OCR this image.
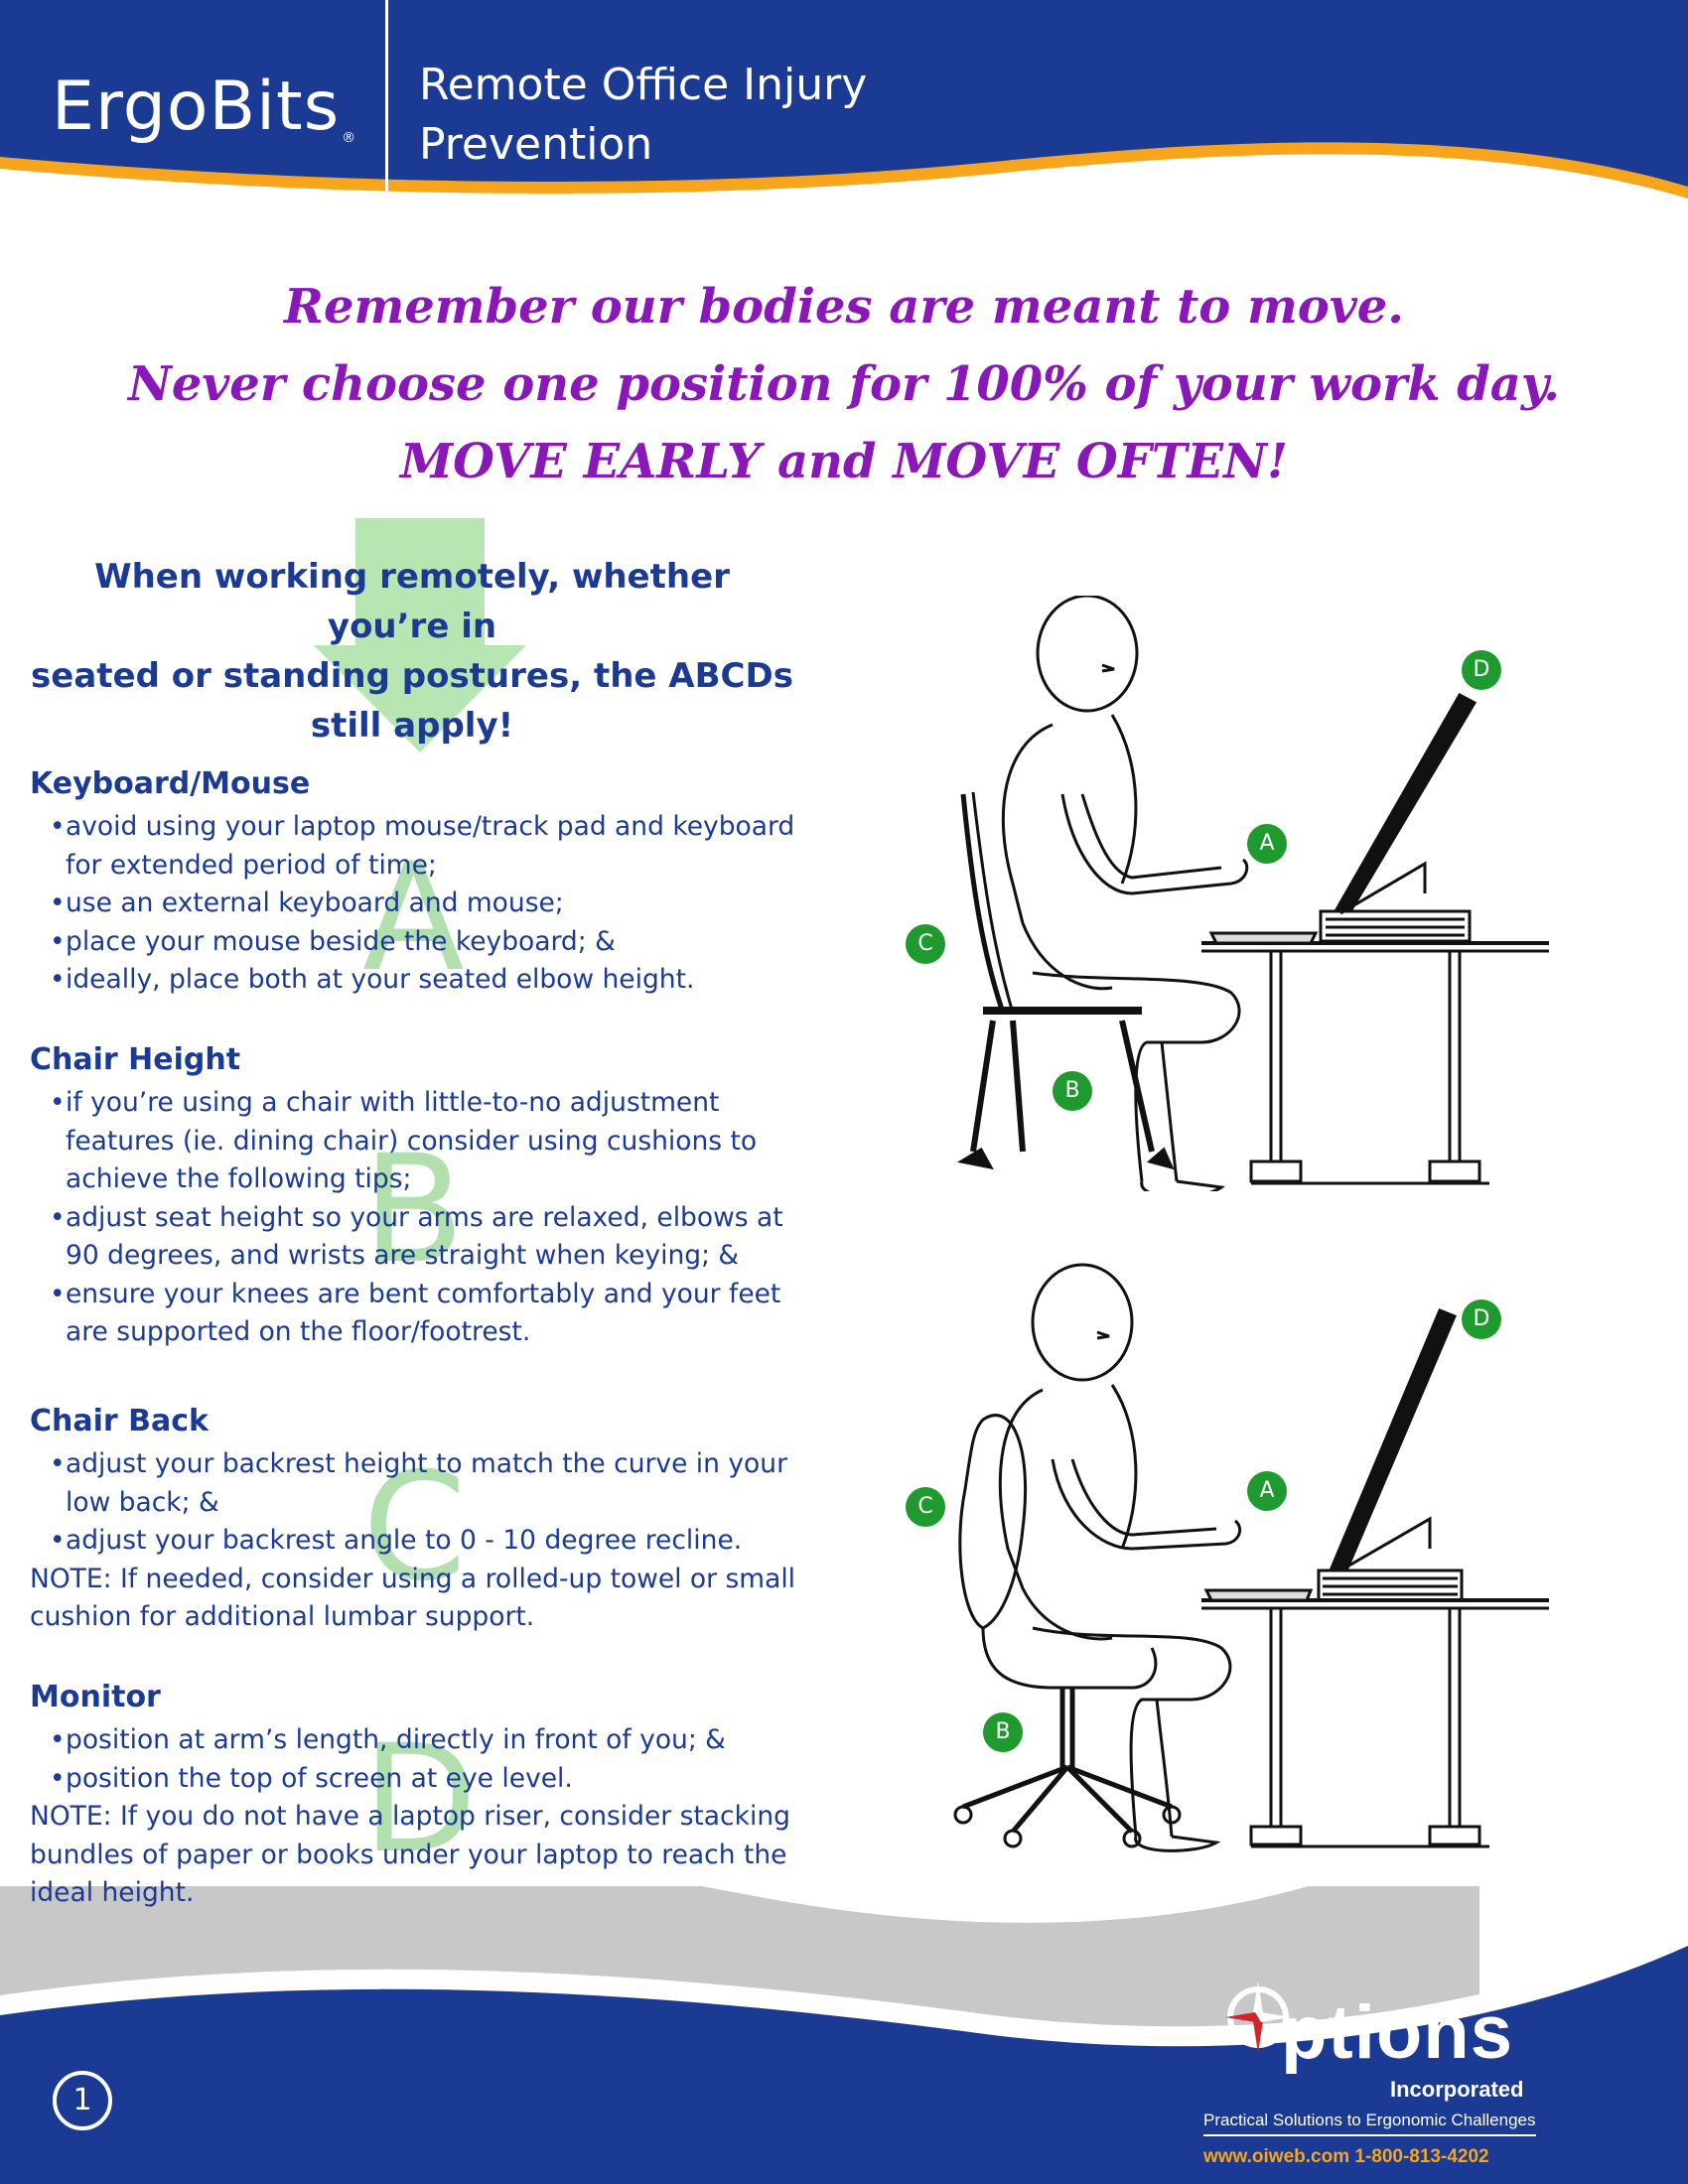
ErgoBits ®
Remote Office Injury
Prevention
Remember our bodies are meant to move.
Never choose one position for 100% of your work day.
MOVE EARLY and MOVE OFTEN!
When working remotely, whether you’re in
seated or standing postures, the ABCDs
still apply!
A
Keyboard/Mouse
• avoid using your laptop mouse/track pad and keyboard for extended period of time;
• use an external keyboard and mouse;
• place your mouse beside the keyboard; &
• ideally, place both at your seated elbow height.
B
Chair Height
• if you’re using a chair with little-to-no adjustment features (ie. dining chair) consider using cushions to achieve the following tips;
• adjust seat height so your arms are relaxed, elbows at 90 degrees, and wrists are straight when keying; &
• ensure your knees are bent comfortably and your feet are supported on the floor/footrest.
C
Chair Back
• adjust your backrest height to match the curve in your low back; &
• adjust your backrest angle to 0 - 10 degree recline.
NOTE: If needed, consider using a rolled-up towel or small cushion for additional lumbar support.
D
Monitor
• position at arm’s length, directly in front of you; &
• position the top of screen at eye level.
NOTE: If you do not have a laptop riser, consider stacking bundles of paper or books under your laptop to reach the ideal height.
D
A
C
B
D
A
C
B
1
ptions
Incorporated
Practical Solutions to Ergonomic Challenges
www.oiweb.com 1-800-813-4202
